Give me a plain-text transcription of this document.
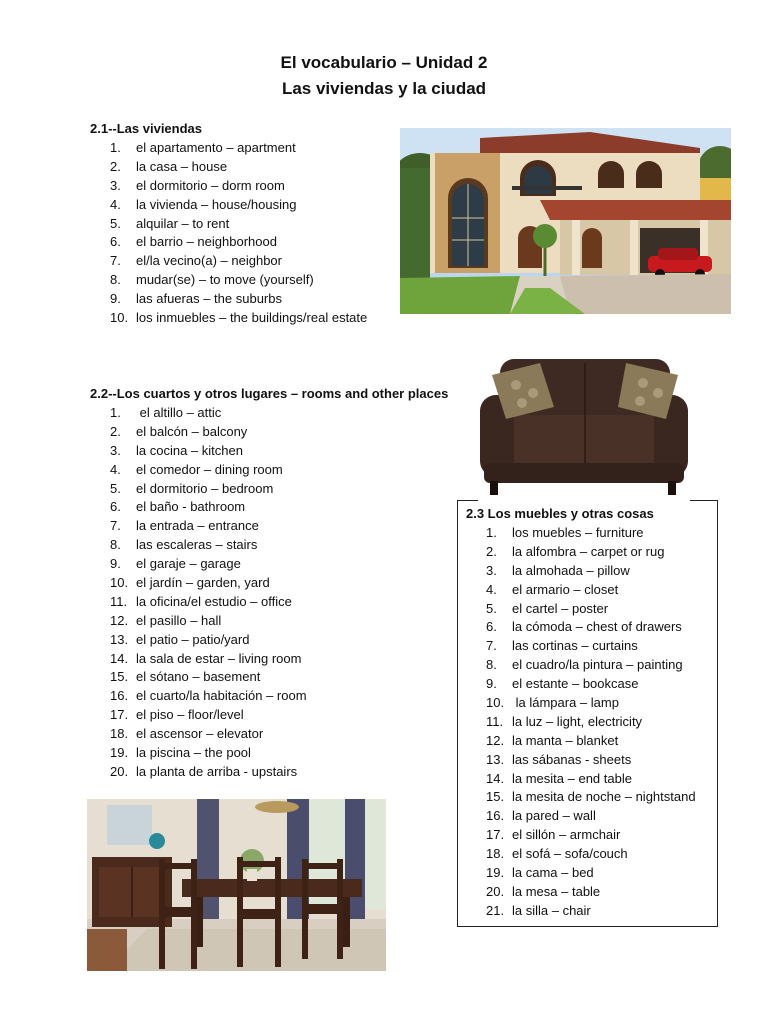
El vocabulario – Unidad 2
Las viviendas y la ciudad
2.1--Las viviendas
1.	el apartamento – apartment
2.	la casa – house
3.	el dormitorio – dorm room
4.	la vivienda – house/housing
5.	alquilar – to rent
6.	el barrio – neighborhood
7.	el/la vecino(a) – neighbor
8.	mudar(se) – to move (yourself)
9.	las afueras – the suburbs
10. los inmuebles – the buildings/real estate
2.2--Los cuartos y otros lugares – rooms and other places
1.	el altillo – attic
2.	el balcón – balcony
3.	la cocina – kitchen
4.	el comedor – dining room
5.	el dormitorio – bedroom
6.	el baño - bathroom
7.	la entrada – entrance
8.	las escaleras – stairs
9.	el garaje – garage
10. el jardín – garden, yard
11. la oficina/el estudio – office
12. el pasillo – hall
13. el patio – patio/yard
14. la sala de estar – living room
15. el sótano – basement
16. el cuarto/la habitación – room
17. el piso – floor/level
18. el ascensor – elevator
19. la piscina – the pool
20. la planta de arriba - upstairs
2.3 Los muebles y otras cosas
1.	los muebles – furniture
2.	la alfombra – carpet or rug
3.	la almohada – pillow
4.	el armario – closet
5.	el cartel – poster
6.	la cómoda – chest of drawers
7.	las cortinas – curtains
8.	el cuadro/la pintura – painting
9.	el estante – bookcase
10. la lámpara – lamp
11. la luz – light, electricity
12. la manta – blanket
13. las sábanas - sheets
14. la mesita – end table
15. la mesita de noche – nightstand
16. la pared – wall
17. el sillón – armchair
18. el sofá – sofa/couch
19. la cama – bed
20. la mesa – table
21. la silla – chair
